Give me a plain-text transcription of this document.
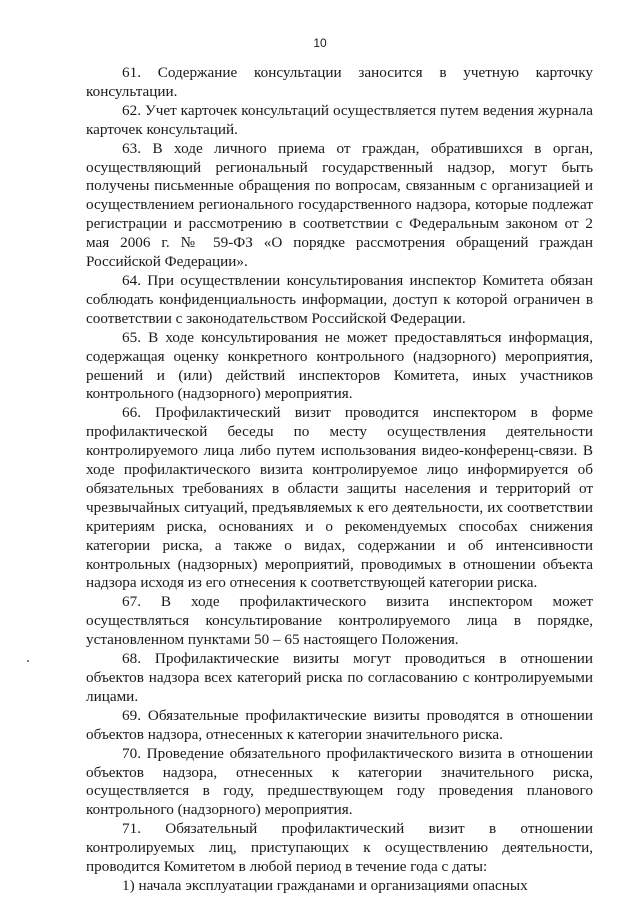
10

61. Содержание консультации заносится в учетную карточку консультации.

62. Учет карточек консультаций осуществляется путем ведения журнала карточек консультаций.

63. В ходе личного приема от граждан, обратившихся в орган, осуществляющий региональный государственный надзор, могут быть получены письменные обращения по вопросам, связанным с организацией и осуществлением регионального государственного надзора, которые подлежат регистрации и рассмотрению в соответствии с Федеральным законом от 2 мая 2006 г. № 59-ФЗ «О порядке рассмотрения обращений граждан Российской Федерации».

64. При осуществлении консультирования инспектор Комитета обязан соблюдать конфиденциальность информации, доступ к которой ограничен в соответствии с законодательством Российской Федерации.

65. В ходе консультирования не может предоставляться информация, содержащая оценку конкретного контрольного (надзорного) мероприятия, решений и (или) действий инспекторов Комитета, иных участников контрольного (надзорного) мероприятия.

66. Профилактический визит проводится инспектором в форме профилактической беседы по месту осуществления деятельности контролируемого лица либо путем использования видео-конференц-связи. В ходе профилактического визита контролируемое лицо информируется об обязательных требованиях в области защиты населения и территорий от чрезвычайных ситуаций, предъявляемых к его деятельности, их соответствии критериям риска, основаниях и о рекомендуемых способах снижения категории риска, а также о видах, содержании и об интенсивности контрольных (надзорных) мероприятий, проводимых в отношении объекта надзора исходя из его отнесения к соответствующей категории риска.

67. В ходе профилактического визита инспектором может осуществляться консультирование контролируемого лица в порядке, установленном пунктами 50 – 65 настоящего Положения.

68. Профилактические визиты могут проводиться в отношении объектов надзора всех категорий риска по согласованию с контролируемыми лицами.

69. Обязательные профилактические визиты проводятся в отношении объектов надзора, отнесенных к категории значительного риска.

70. Проведение обязательного профилактического визита в отношении объектов надзора, отнесенных к категории значительного риска, осуществляется в году, предшествующем году проведения планового контрольного (надзорного) мероприятия.

71. Обязательный профилактический визит в отношении контролируемых лиц, приступающих к осуществлению деятельности, проводится Комитетом в любой период в течение года с даты:

1) начала эксплуатации гражданами и организациями опасных
